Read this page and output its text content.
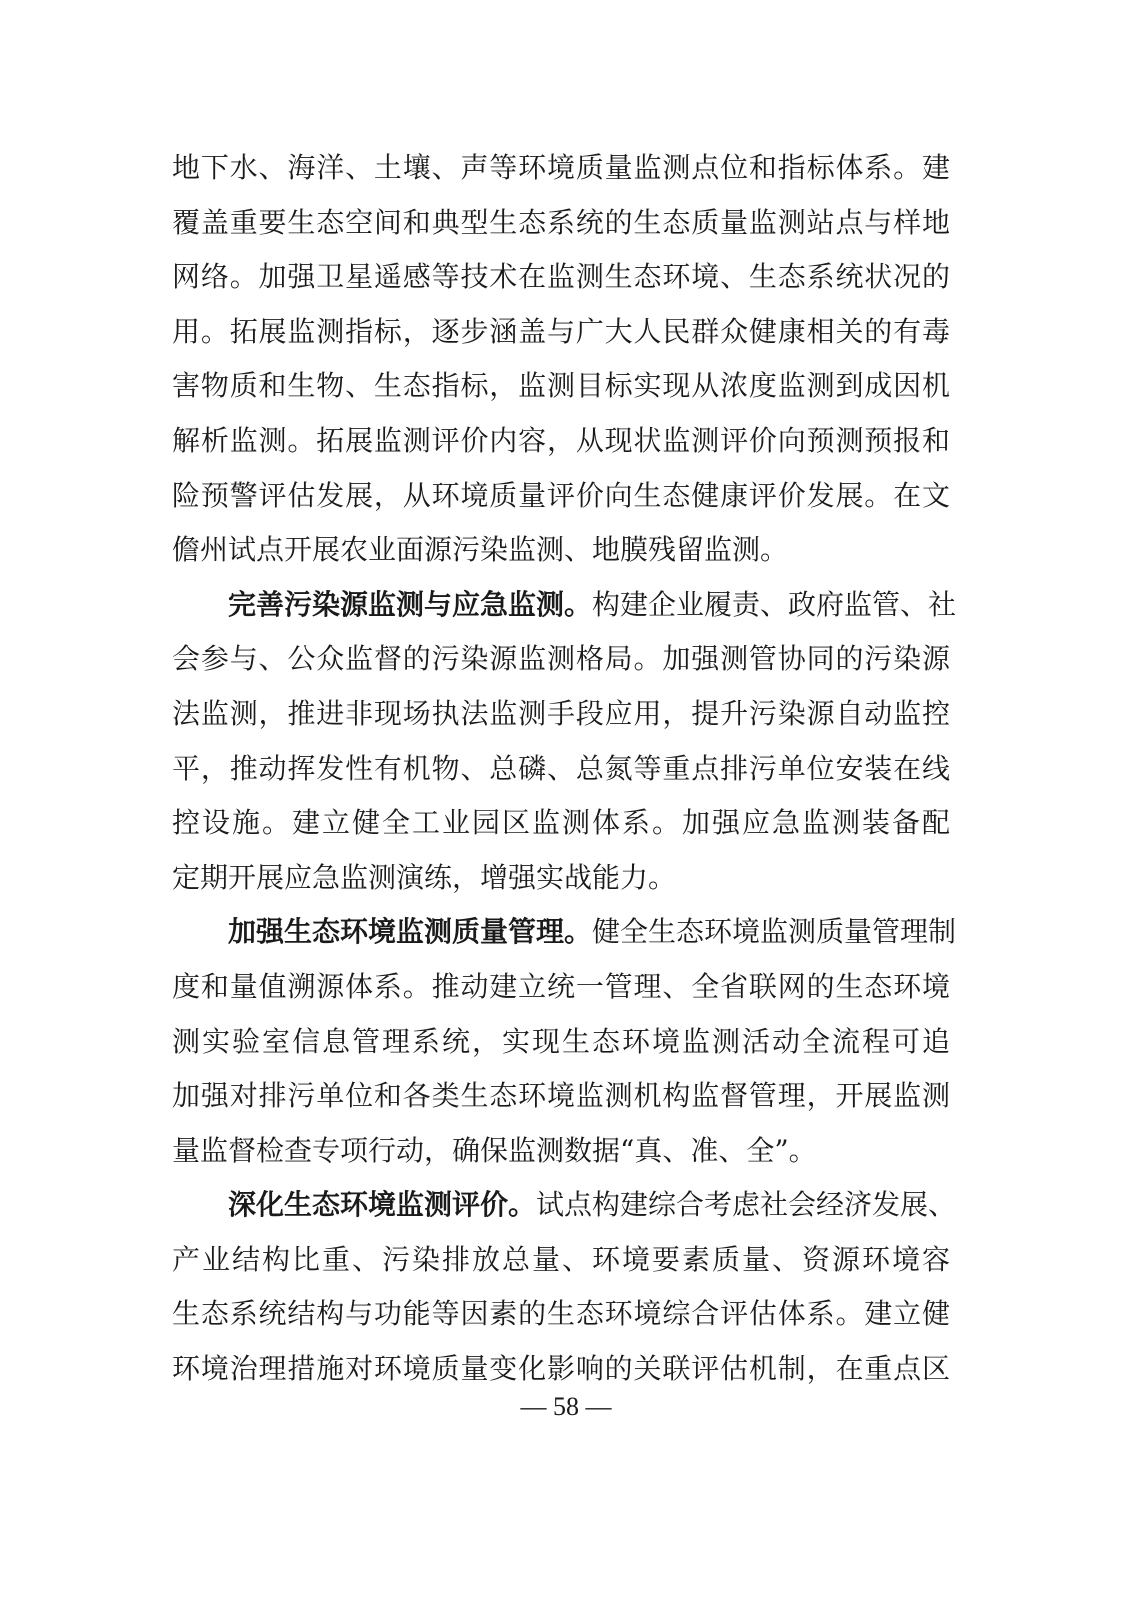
地下水、海洋、土壤、声等环境质量监测点位和指标体系。建
覆盖重要生态空间和典型生态系统的生态质量监测站点与样地
网络。加强卫星遥感等技术在监测生态环境、生态系统状况的
用。拓展监测指标，逐步涵盖与广大人民群众健康相关的有毒
害物质和生物、生态指标，监测目标实现从浓度监测到成因机
解析监测。拓展监测评价内容，从现状监测评价向预测预报和
险预警评估发展，从环境质量评价向生态健康评价发展。在文
儋州试点开展农业面源污染监测、地膜残留监测。
完善污染源监测与应急监测。构建企业履责、政府监管、社
会参与、公众监督的污染源监测格局。加强测管协同的污染源
法监测，推进非现场执法监测手段应用，提升污染源自动监控
平，推动挥发性有机物、总磷、总氮等重点排污单位安装在线
控设施。建立健全工业园区监测体系。加强应急监测装备配
定期开展应急监测演练，增强实战能力。
加强生态环境监测质量管理。健全生态环境监测质量管理制
度和量值溯源体系。推动建立统一管理、全省联网的生态环境
测实验室信息管理系统，实现生态环境监测活动全流程可追
加强对排污单位和各类生态环境监测机构监督管理，开展监测
量监督检查专项行动，确保监测数据“真、准、全”。
深化生态环境监测评价。试点构建综合考虑社会经济发展、
产业结构比重、污染排放总量、环境要素质量、资源环境容
生态系统结构与功能等因素的生态环境综合评估体系。建立健
环境治理措施对环境质量变化影响的关联评估机制，在重点区
— 58 —
